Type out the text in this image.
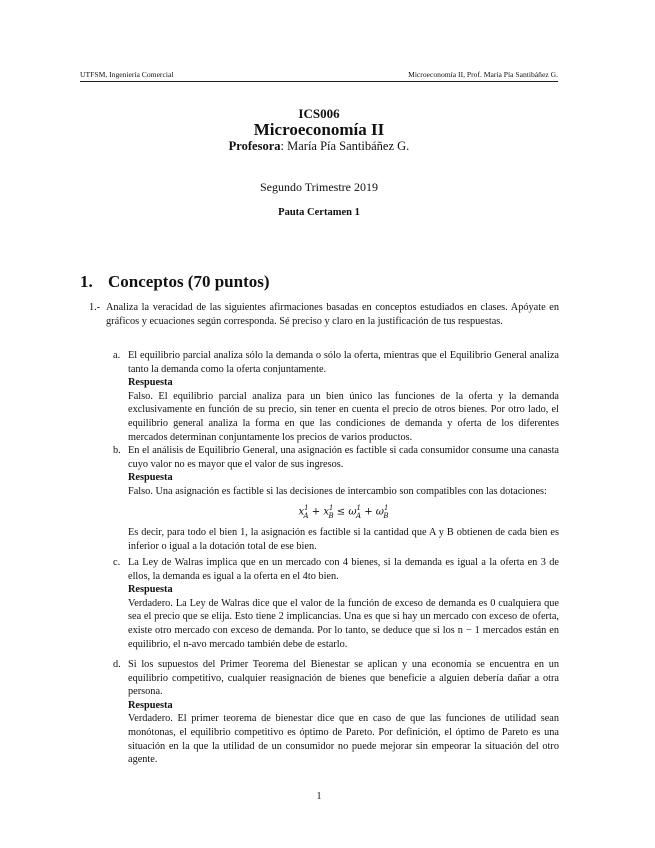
UTFSM, Ingeniería Comercial	Microeconomía II, Prof. María Pía Santibáñez G.
ICS006
Microeconomía II
Profesora: María Pía Santibáñez G.
Segundo Trimestre 2019
Pauta Certamen 1
1. Conceptos (70 puntos)
1.- Analiza la veracidad de las siguientes afirmaciones basadas en conceptos estudiados en clases. Apóyate en gráficos y ecuaciones según corresponda. Sé preciso y claro en la justificación de tus respuestas.
a. El equilibrio parcial analiza sólo la demanda o sólo la oferta, mientras que el Equilibrio General analiza tanto la demanda como la oferta conjuntamente.
Respuesta
Falso. El equilibrio parcial analiza para un bien único las funciones de la oferta y la demanda exclusivamente en función de su precio, sin tener en cuenta el precio de otros bienes. Por otro lado, el equilibrio general analiza la forma en que las condiciones de demanda y oferta de los diferentes mercados determinan conjuntamente los precios de varios productos.
b. En el análisis de Equilibrio General, una asignación es factible si cada consumidor consume una canasta cuyo valor no es mayor que el valor de sus ingresos.
Respuesta
Falso. Una asignación es factible si las decisiones de intercambio son compatibles con las dotaciones:
$x^1_A + x^1_B \le \omega^1_A + \omega^1_B$
Es decir, para todo el bien 1, la asignación es factible si la cantidad que A y B obtienen de cada bien es inferior o igual a la dotación total de ese bien.
c. La Ley de Walras implica que en un mercado con 4 bienes, si la demanda es igual a la oferta en 3 de ellos, la demanda es igual a la oferta en el 4to bien.
Respuesta
Verdadero. La Ley de Walras dice que el valor de la función de exceso de demanda es 0 cualquiera que sea el precio que se elija. Esto tiene 2 implicancias. Una es que si hay un mercado con exceso de oferta, existe otro mercado con exceso de demanda. Por lo tanto, se deduce que si los n − 1 mercados están en equilibrio, el n-avo mercado también debe de estarlo.
d. Si los supuestos del Primer Teorema del Bienestar se aplican y una economía se encuentra en un equilibrio competitivo, cualquier reasignación de bienes que beneficie a alguien debería dañar a otra persona.
Respuesta
Verdadero. El primer teorema de bienestar dice que en caso de que las funciones de utilidad sean monótonas, el equilibrio competitivo es óptimo de Pareto. Por definición, el óptimo de Pareto es una situación en la que la utilidad de un consumidor no puede mejorar sin empeorar la situación del otro agente.
1
